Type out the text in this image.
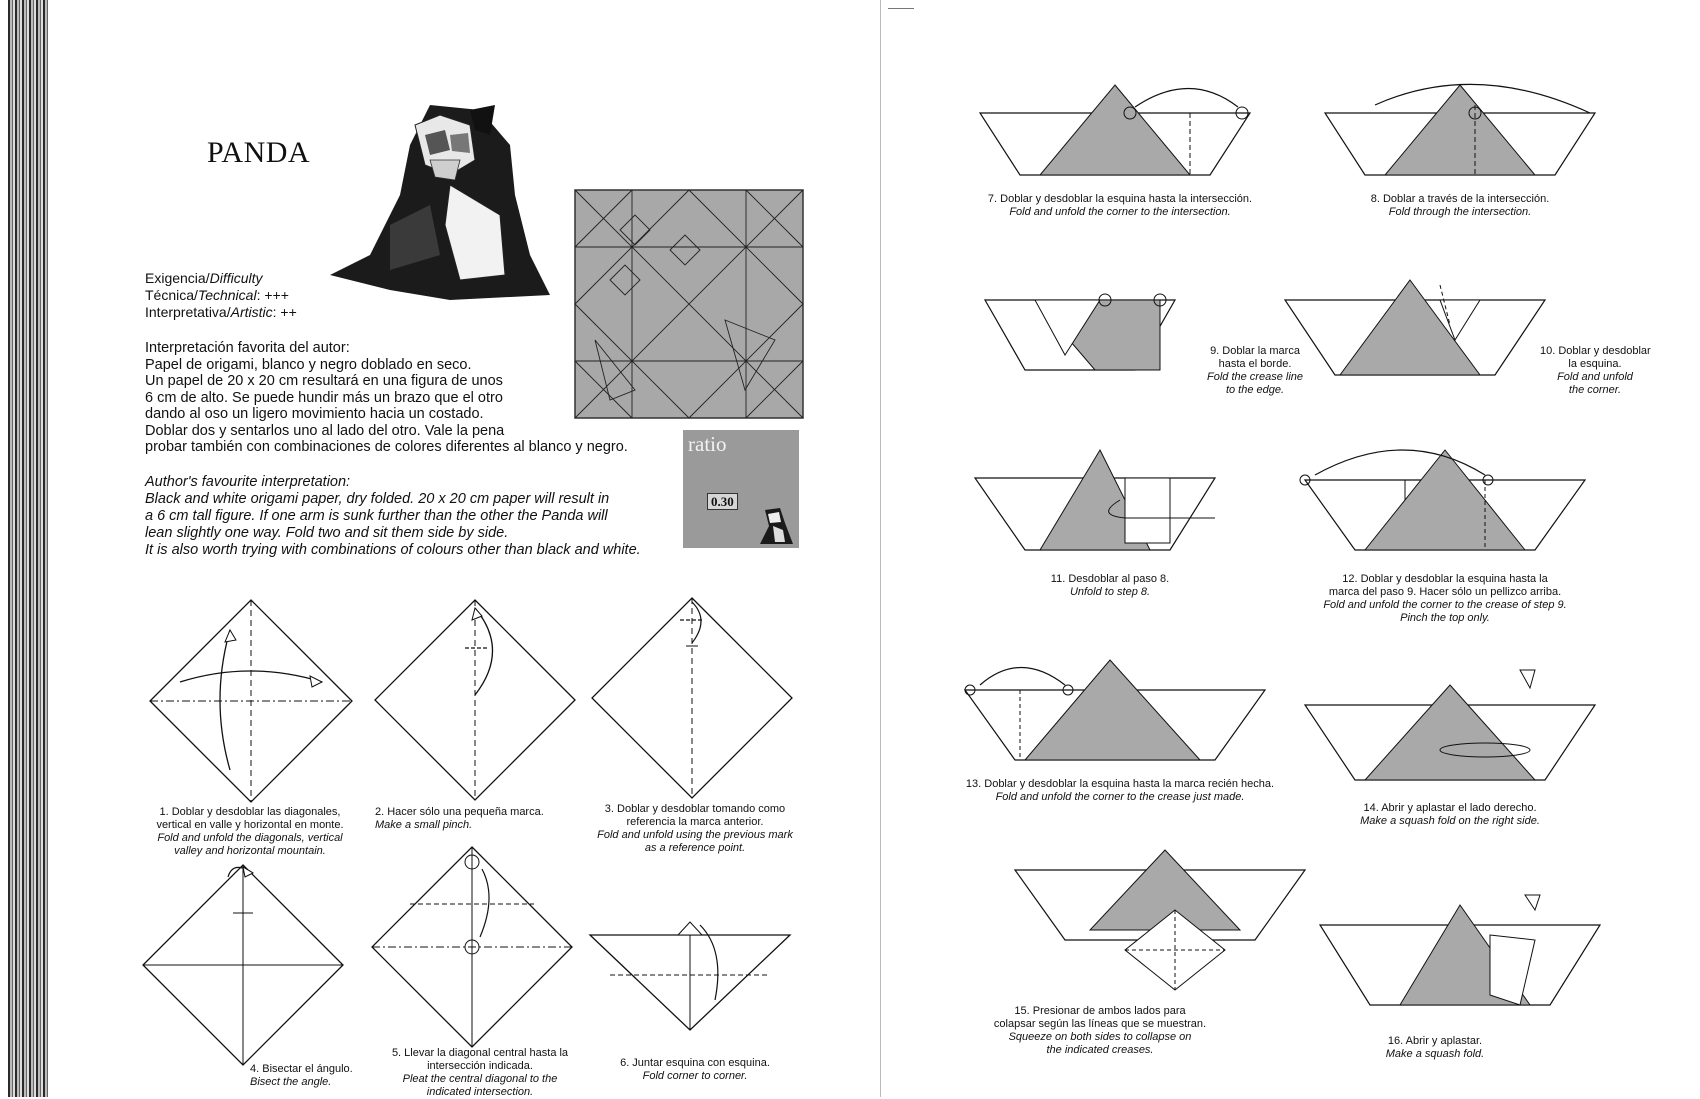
PANDA
Exigencia/Difficulty
Técnica/Technical: +++
Interpretativa/Artistic: ++
Interpretación favorita del autor:
Papel de origami, blanco y negro doblado en seco.
Un papel de 20 x 20 cm resultará en una figura de unos
6 cm de alto. Se puede hundir más un brazo que el otro
dando al oso un ligero movimiento hacia un costado.
Doblar dos y sentarlos uno al lado del otro. Vale la pena
probar también con combinaciones de colores diferentes al blanco y negro.
Author's favourite interpretation:
Black and white origami paper, dry folded. 20 x 20 cm paper will result in
a 6 cm tall figure. If one arm is sunk further than the other the Panda will
lean slightly one way. Fold two and sit them side by side.
It is also worth trying with combinations of colours other than black and white.
ratio
0.30
1. Doblar y desdoblar las diagonales,
vertical en valle y horizontal en monte.
Fold and unfold the diagonals, vertical
valley and horizontal mountain.
2. Hacer sólo una pequeña marca.
Make a small pinch.
3. Doblar y desdoblar tomando como
referencia la marca anterior.
Fold and unfold using the previous mark
as a reference point.
4. Bisectar el ángulo.
Bisect the angle.
5. Llevar la diagonal central hasta la
intersección indicada.
Pleat the central diagonal to the
indicated intersection.
6. Juntar esquina con esquina.
Fold corner to corner.
7. Doblar y desdoblar la esquina hasta la intersección.
Fold and unfold the corner to the intersection.
8. Doblar a través de la intersección.
Fold through the intersection.
9. Doblar la marca
hasta el borde.
Fold the crease line
to the edge.
10. Doblar y desdoblar
la esquina.
Fold and unfold
the corner.
11. Desdoblar al paso 8.
Unfold to step 8.
12. Doblar y desdoblar la esquina hasta la
marca del paso 9. Hacer sólo un pellizco arriba.
Fold and unfold the corner to the crease of step 9.
Pinch the top only.
13. Doblar y desdoblar la esquina hasta la marca recién hecha.
Fold and unfold the corner to the crease just made.
14. Abrir y aplastar el lado derecho.
Make a squash fold on the right side.
15. Presionar de ambos lados para
colapsar según las líneas que se muestran.
Squeeze on both sides to collapse on
the indicated creases.
16. Abrir y aplastar.
Make a squash fold.
